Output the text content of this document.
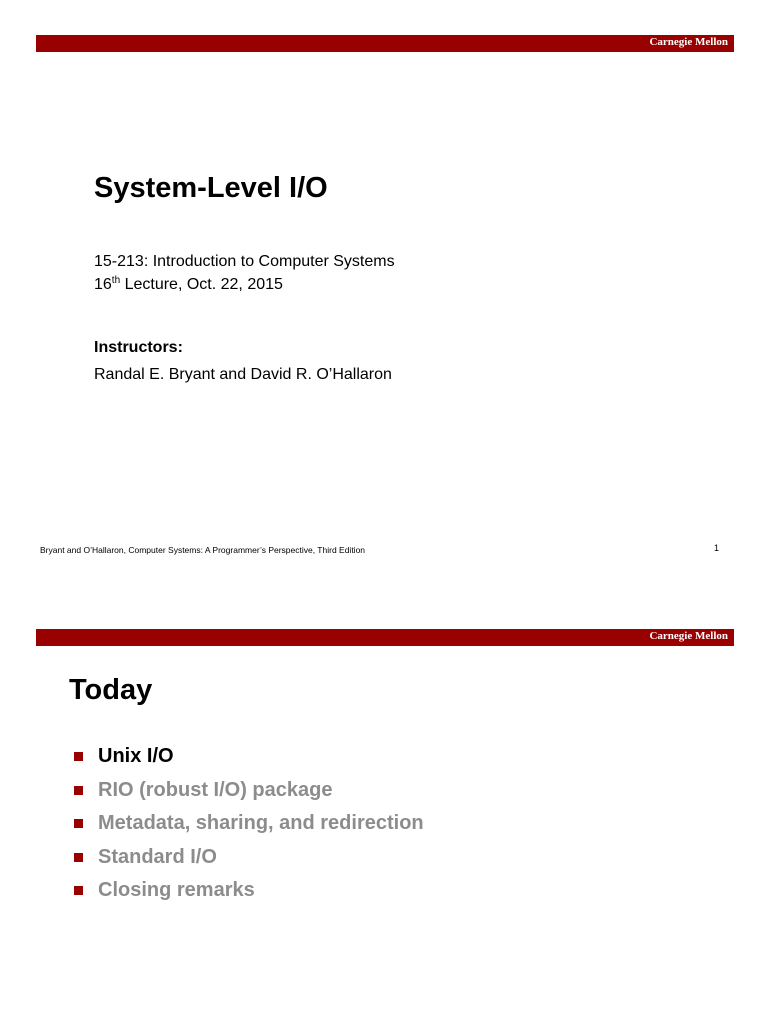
Carnegie Mellon
System-Level I/O
15-213: Introduction to Computer Systems
16th Lecture, Oct. 22, 2015
Instructors:
Randal E. Bryant and David R. O’Hallaron
Bryant and O’Hallaron, Computer Systems: A Programmer’s Perspective, Third Edition	1
Carnegie Mellon
Today
Unix I/O
RIO (robust I/O) package
Metadata, sharing, and redirection
Standard I/O
Closing remarks
